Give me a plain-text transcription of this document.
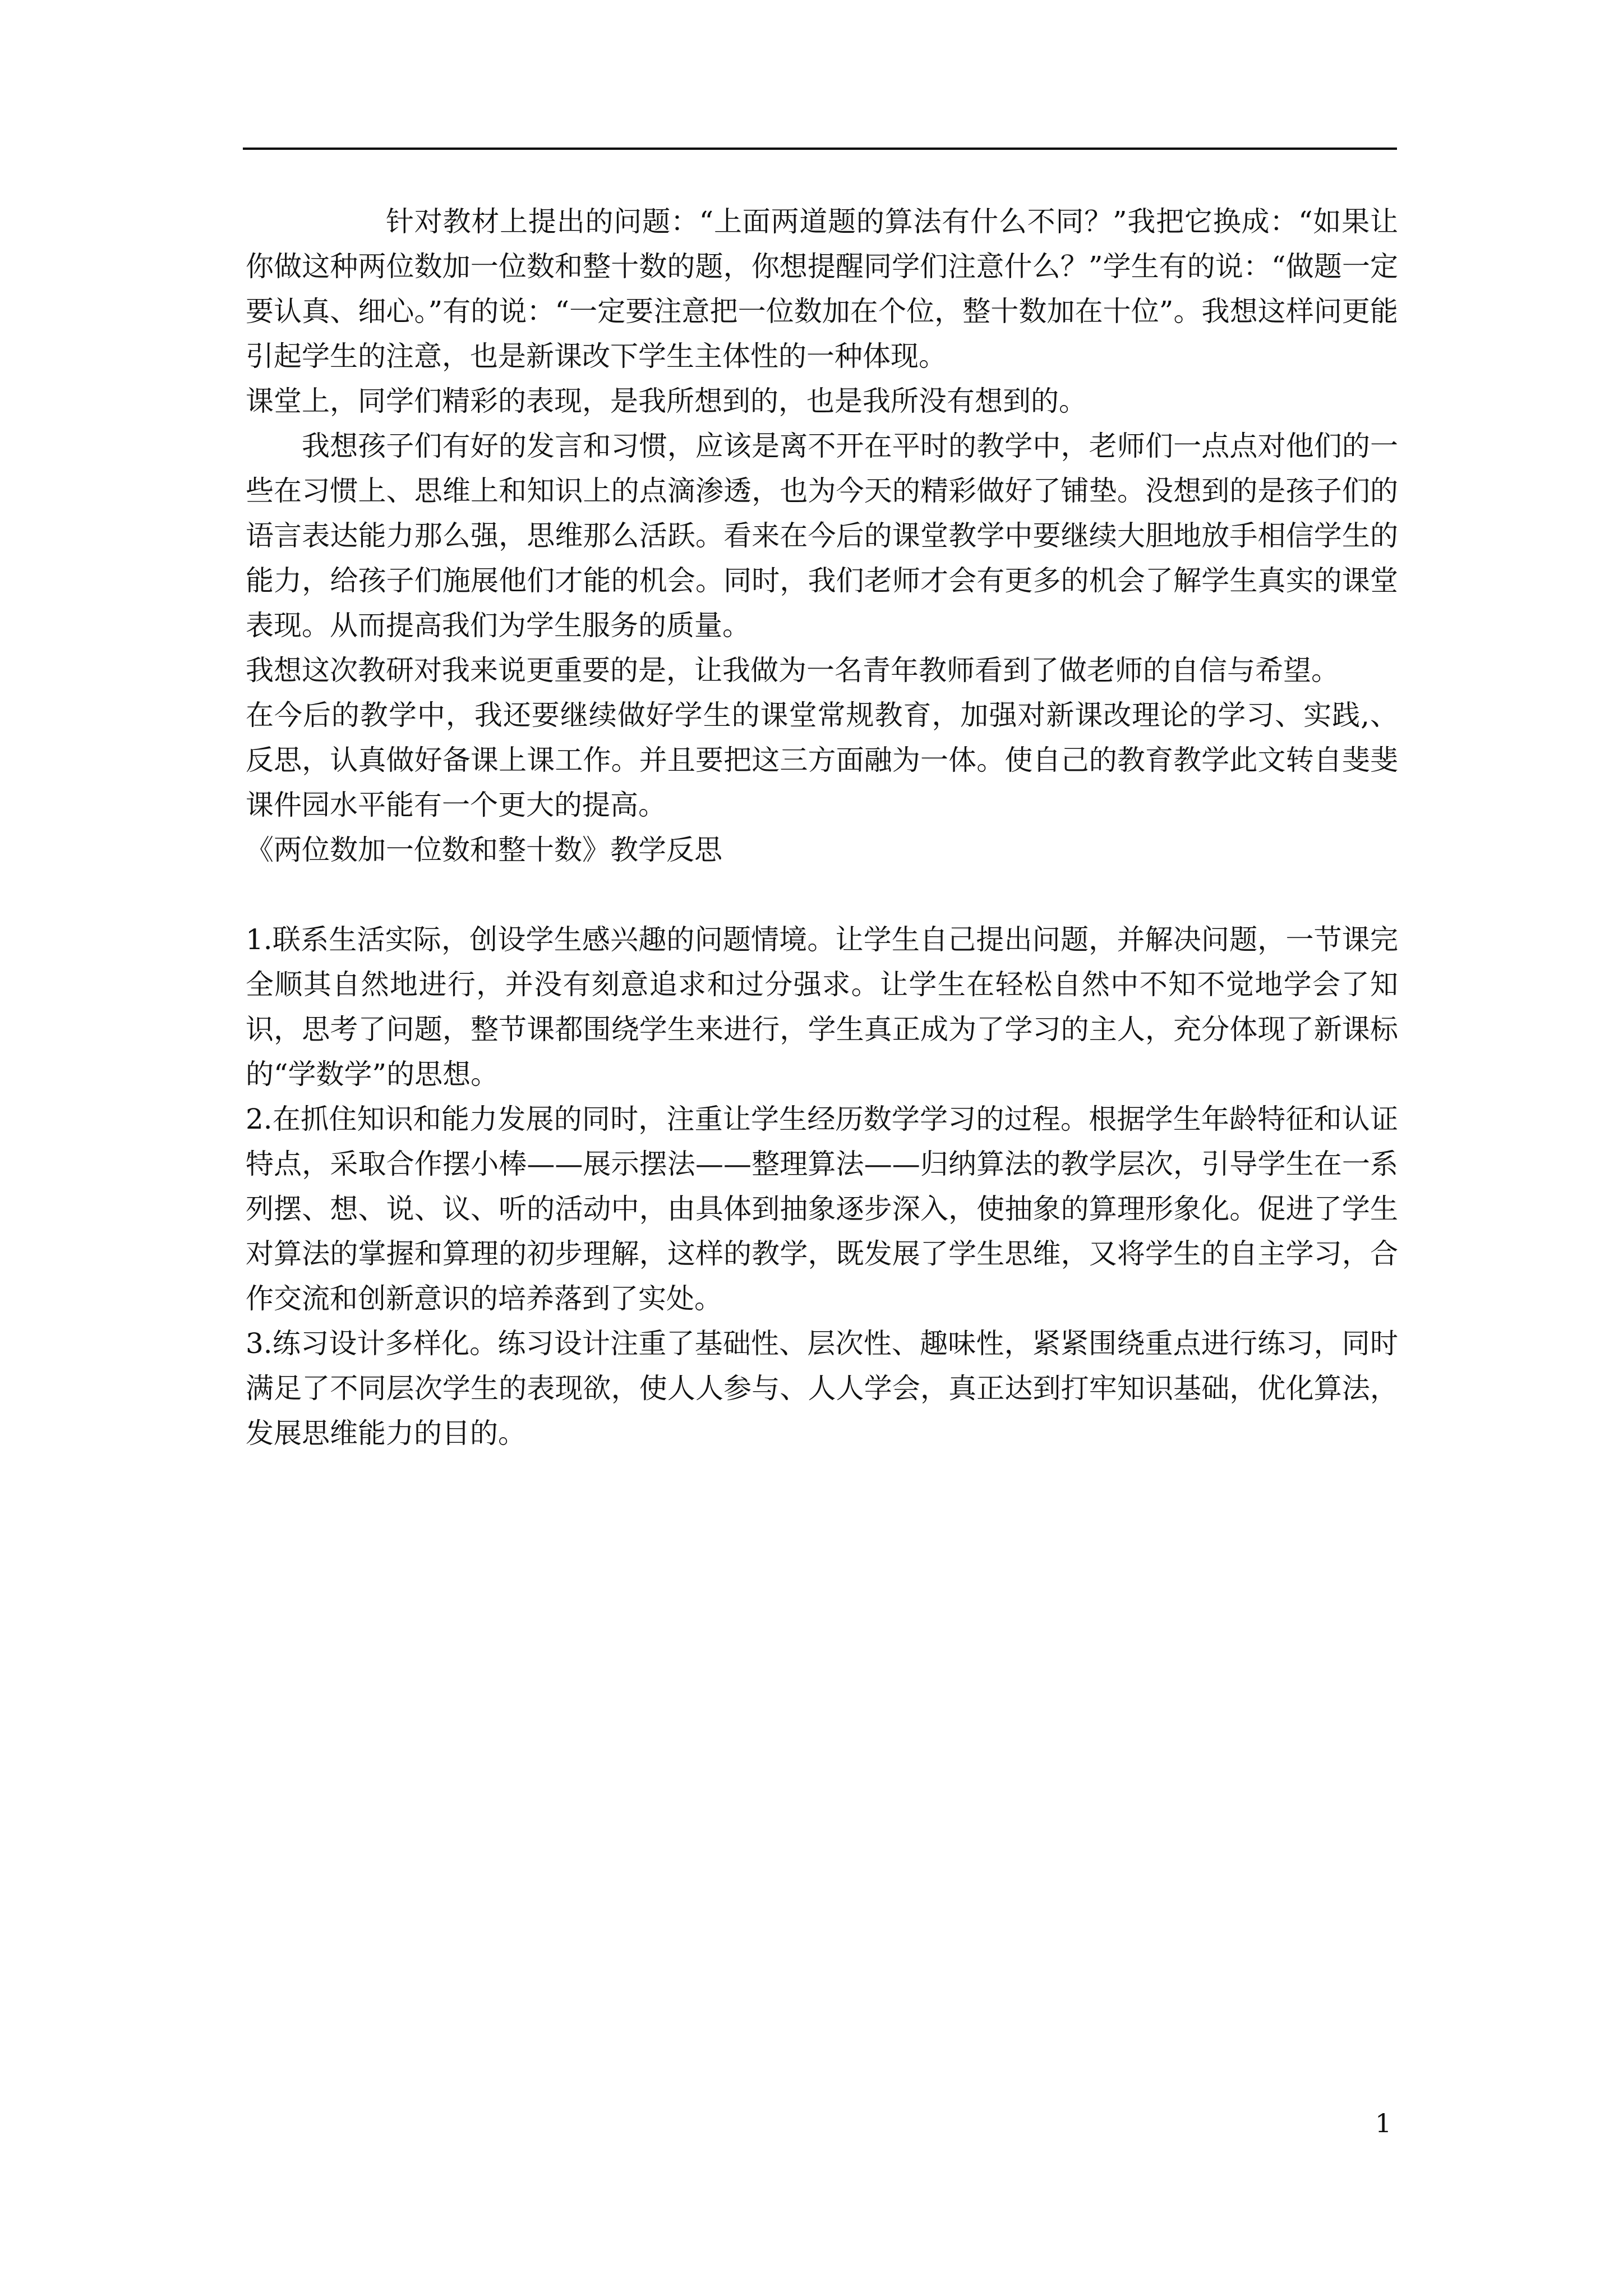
针对教材上提出的问题：“上面两道题的算法有什么不同？”我把它换成：“如果让你做这种两位数加一位数和整十数的题，你想提醒同学们注意什么？”学生有的说：“做题一定要认真、细心。”有的说：“一定要注意把一位数加在个位，整十数加在十位”。我想这样问更能引起学生的注意，也是新课改下学生主体性的一种体现。

课堂上，同学们精彩的表现，是我所想到的，也是我所没有想到的。

我想孩子们有好的发言和习惯，应该是离不开在平时的教学中，老师们一点点对他们的一些在习惯上、思维上和知识上的点滴渗透，也为今天的精彩做好了铺垫。没想到的是孩子们的语言表达能力那么强，思维那么活跃。看来在今后的课堂教学中要继续大胆地放手相信学生的能力，给孩子们施展他们才能的机会。同时，我们老师才会有更多的机会了解学生真实的课堂表现。从而提高我们为学生服务的质量。

我想这次教研对我来说更重要的是，让我做为一名青年教师看到了做老师的自信与希望。

在今后的教学中，我还要继续做好学生的课堂常规教育，加强对新课改理论的学习、实践,、反思，认真做好备课上课工作。并且要把这三方面融为一体。使自己的教育教学此文转自斐斐课件园水平能有一个更大的提高。

《两位数加一位数和整十数》教学反思

1.联系生活实际，创设学生感兴趣的问题情境。让学生自己提出问题，并解决问题，一节课完全顺其自然地进行，并没有刻意追求和过分强求。让学生在轻松自然中不知不觉地学会了知识，思考了问题，整节课都围绕学生来进行，学生真正成为了学习的主人，充分体现了新课标的“学数学”的思想。

2.在抓住知识和能力发展的同时，注重让学生经历数学学习的过程。根据学生年龄特征和认证特点，采取合作摆小棒——展示摆法——整理算法——归纳算法的教学层次，引导学生在一系列摆、想、说、议、听的活动中，由具体到抽象逐步深入，使抽象的算理形象化。促进了学生对算法的掌握和算理的初步理解，这样的教学，既发展了学生思维，又将学生的自主学习，合作交流和创新意识的培养落到了实处。

3.练习设计多样化。练习设计注重了基础性、层次性、趣味性，紧紧围绕重点进行练习，同时满足了不同层次学生的表现欲，使人人参与、人人学会，真正达到打牢知识基础，优化算法，发展思维能力的目的。

1
